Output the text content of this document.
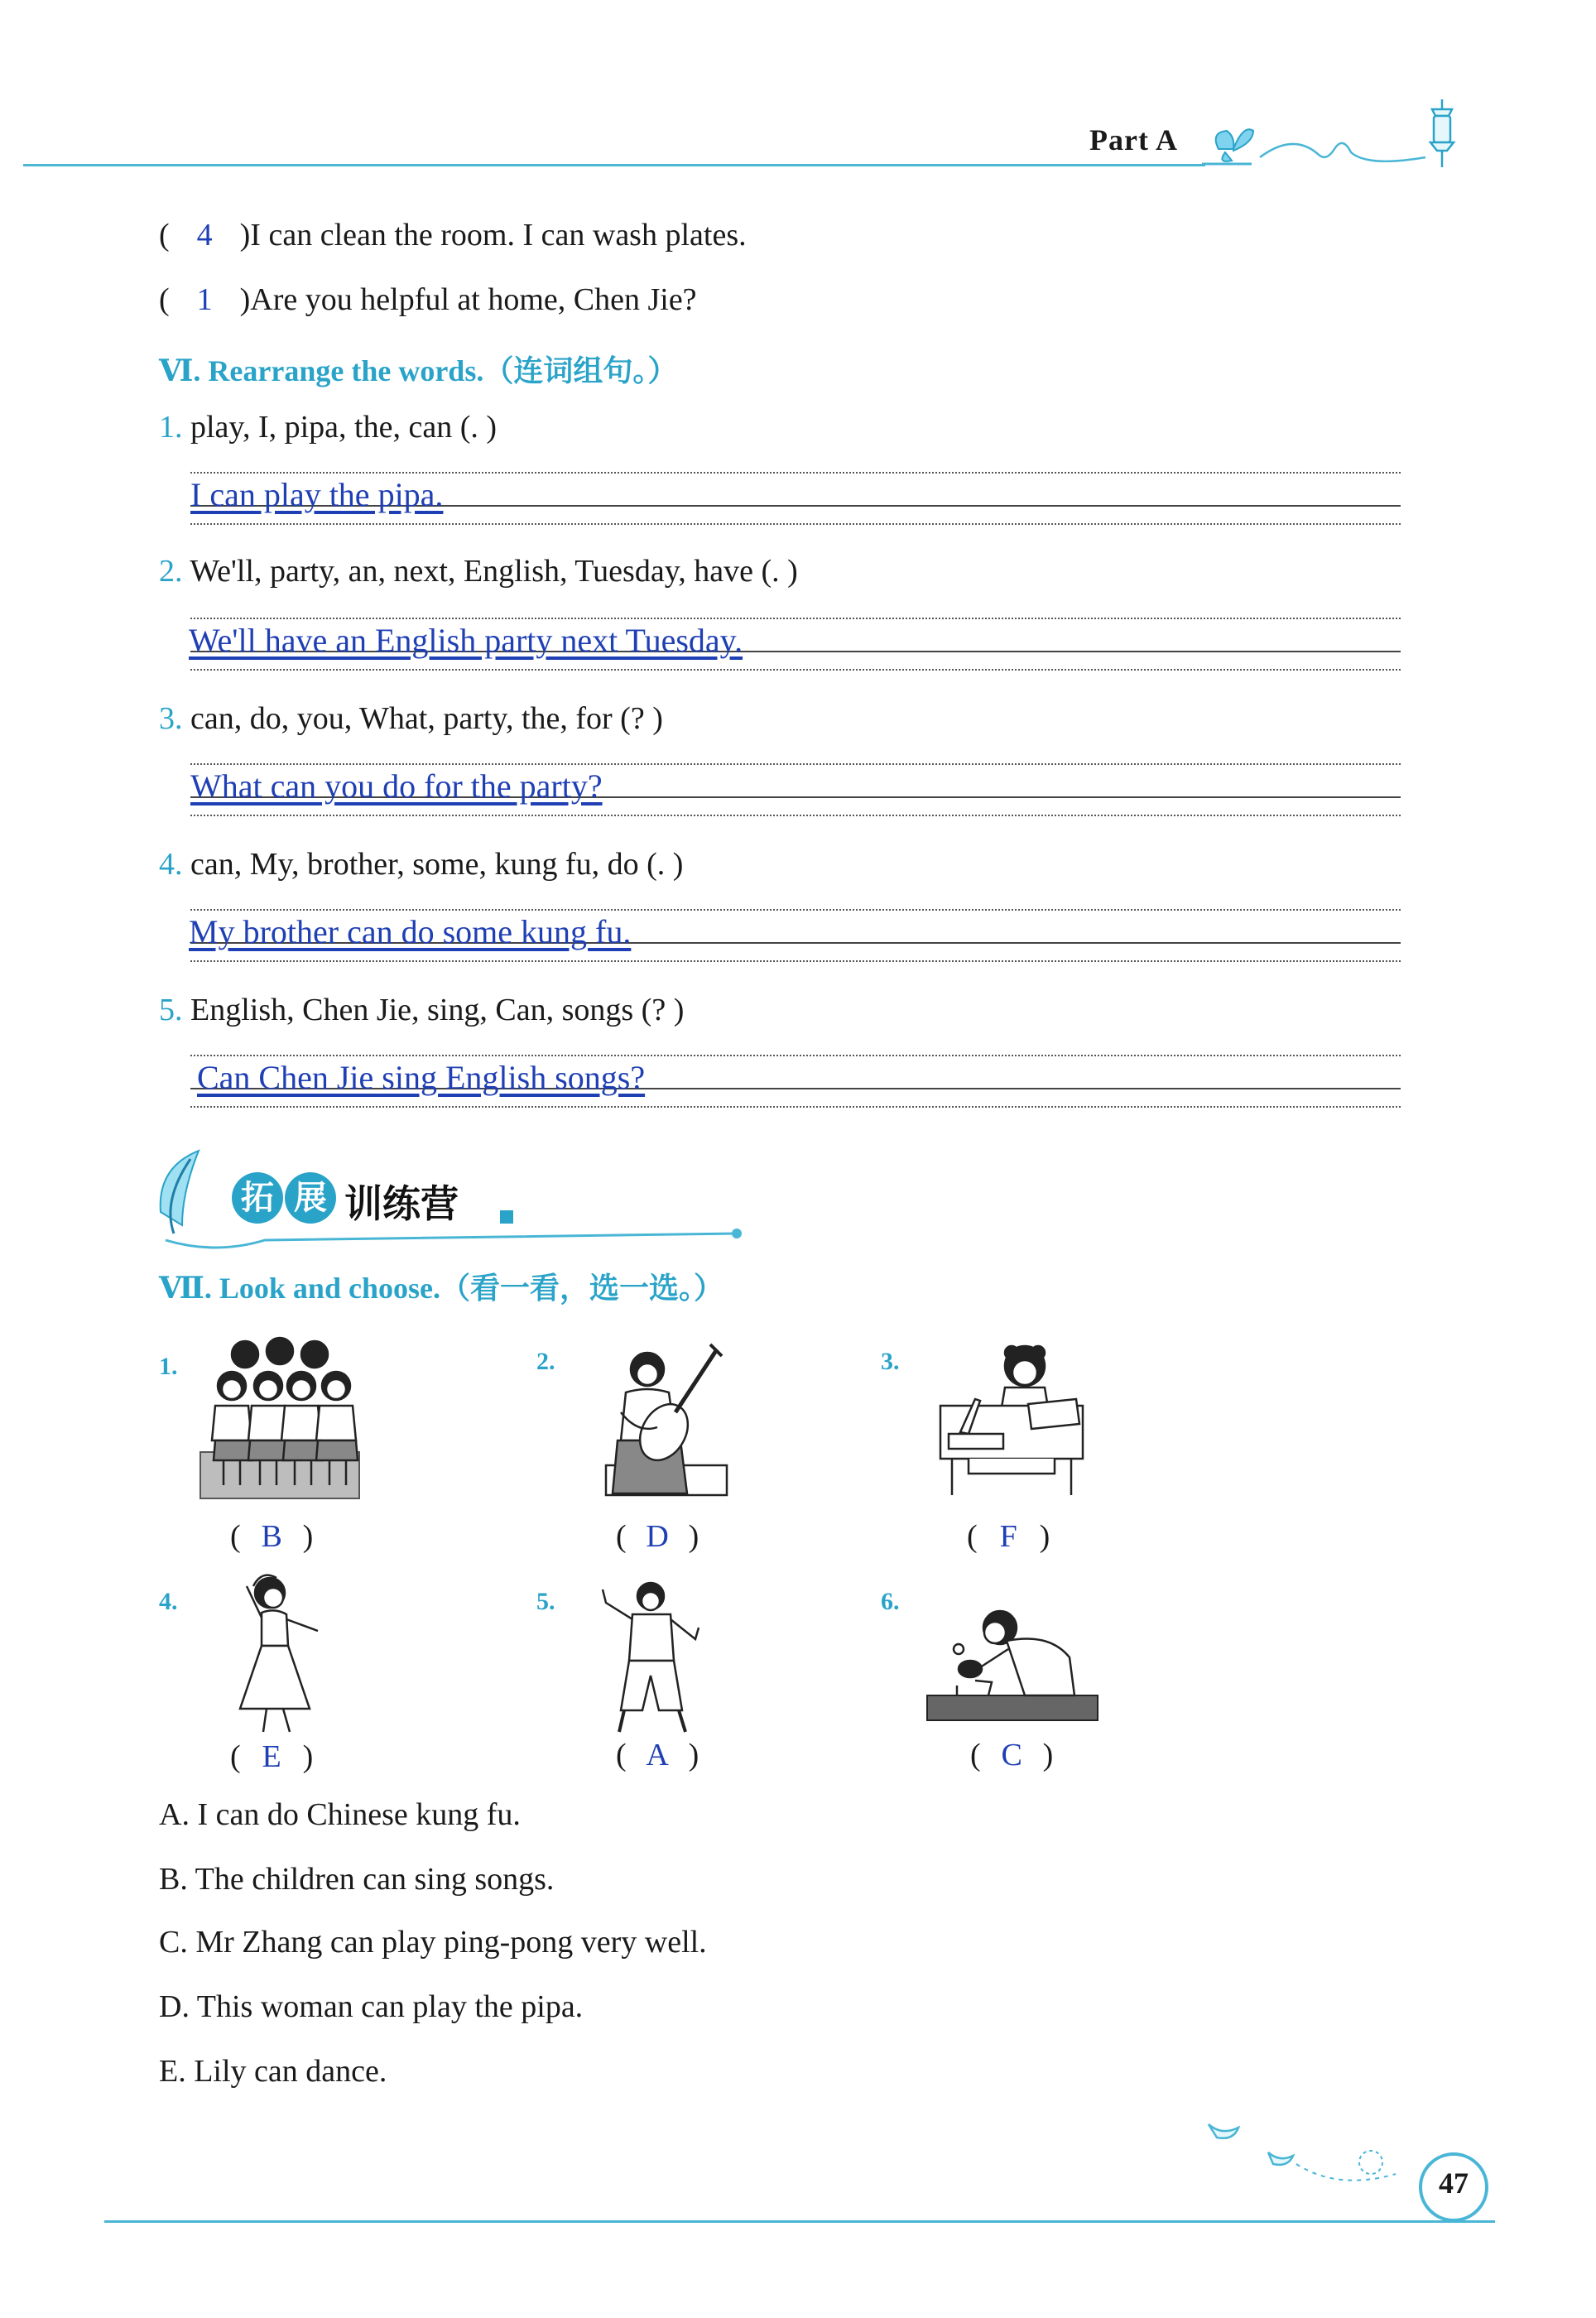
Part A
( 4 )I can clean the room. I can wash plates.
( 1 )Are you helpful at home, Chen Jie?
Ⅵ. Rearrange the words.（连词组句。）
1. play, I, pipa, the, can (. )
I can play the pipa.
2. We'll, party, an, next, English, Tuesday, have (. )
We'll have an English party next Tuesday.
3. can, do, you, What, party, the, for (? )
What can you do for the party?
4. can, My, brother, some, kung fu, do (. )
My brother can do some kung fu.
5. English, Chen Jie, sing, Can, songs (? )
Can Chen Jie sing English songs?
拓 展 训练营
Ⅶ. Look and choose.（看一看，选一选。）
1.
( B )
2.
( D )
3.
( F )
4.
( E )
5.
( A )
6.
( C )
A. I can do Chinese kung fu.
B. The children can sing songs.
C. Mr Zhang can play ping-pong very well.
D. This woman can play the pipa.
E. Lily can dance.
47
